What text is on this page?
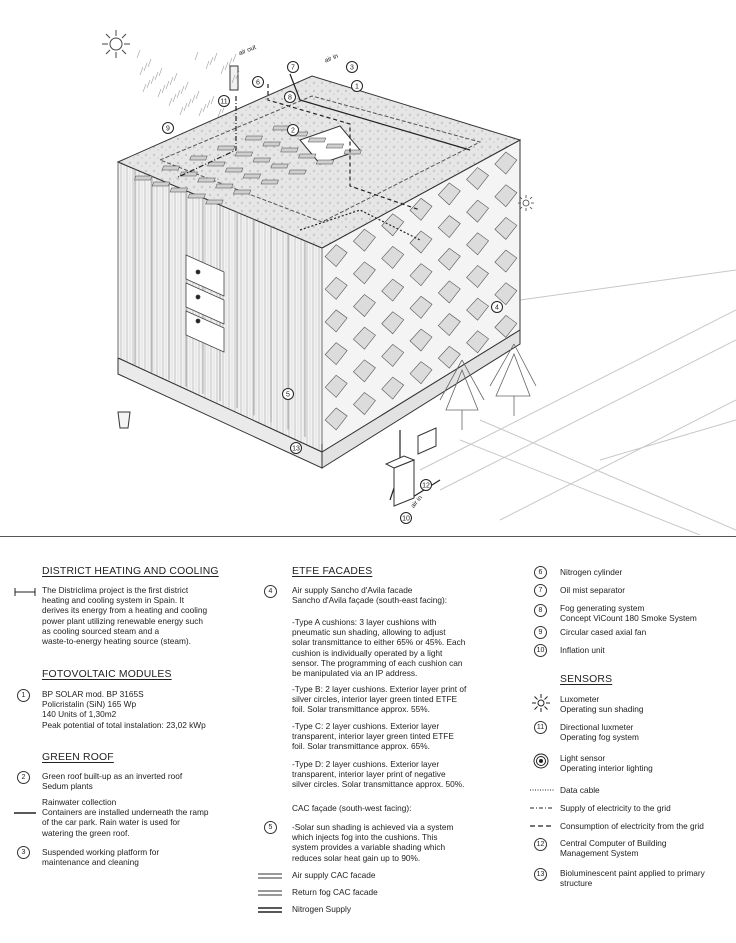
1
2
3
4
5
6
7
8
9
10
11
12
13
air out
air in
air in
DISTRICT HEATING AND COOLING
The Districlima project is the first district
heating and cooling system in Spain. It
derives its energy from a heating and cooling
power plant utilizing renewable energy such
as cooling sourced steam and a
waste-to-energy heating source (steam).
FOTOVOLTAIC MODULES
1	BP SOLAR mod. BP 3165S
Policristalin (SiN) 165 Wp
140 Units of 1,30m2
Peak potential of total instalation: 23,02 kWp
GREEN ROOF
2	Green roof built-up as an inverted roof
Sedum plants
Rainwater collection
Containers are installed underneath the ramp
of the car park. Rain water is used for
watering the green roof.
3	Suspended working platform for
maintenance and cleaning
ETFE FACADES
4	Air supply Sancho d'Avila facade
Sancho d'Avila façade (south-east facing):
-Type A cushions: 3 layer cushions with
pneumatic sun shading, allowing to adjust
solar transmittance to either 65% or 45%. Each
cushion is individually operated by a light
sensor. The programming of each cushion can
be manipulated via an IP address.
-Type B: 2 layer cushions. Exterior layer print of
silver circles, interior layer green tinted ETFE
foil. Solar transmittance approx. 55%.
-Type C: 2 layer cushions. Exterior layer
transparent, interior layer green tinted ETFE
foil. Solar transmittance approx. 65%.
-Type D: 2 layer cushions. Exterior layer
transparent, interior layer print of negative
silver circles. Solar transmittance approx. 50%.
CAC façade (south-west facing):
5	-Solar sun shading is achieved via a system
which injects fog into the cushions. This
system provides a variable shading which
reduces solar heat gain up to 90%.
Air supply CAC facade
Return fog CAC facade
Nitrogen Supply
6	Nitrogen cylinder
7	Oil mist separator
8	Fog generating system
Concept ViCount 180 Smoke System
9	Circular cased axial fan
10	Inflation unit
SENSORS
Luxometer
Operating sun shading
11	Directional luxmeter
Operating fog system
Light sensor
Operating interior lighting
Data cable
Supply of electricity to the grid
Consumption of electricity from the grid
12	Central Computer of Building
Management System
13	Bioluminescent paint applied to primary
structure
